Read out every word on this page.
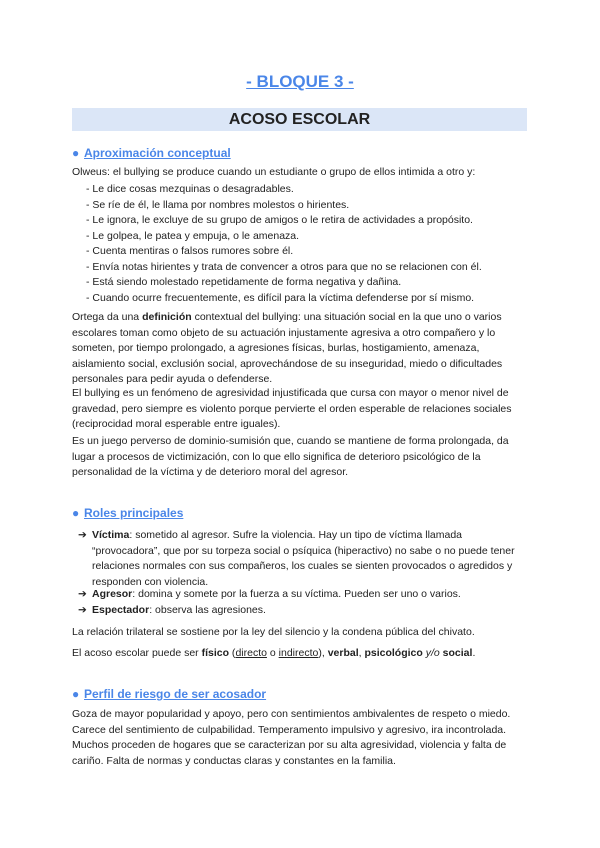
- BLOQUE 3 -
ACOSO ESCOLAR
● Aproximación conceptual
Olweus: el bullying se produce cuando un estudiante o grupo de ellos intimida a otro y:
- Le dice cosas mezquinas o desagradables.
- Se ríe de él, le llama por nombres molestos o hirientes.
- Le ignora, le excluye de su grupo de amigos o le retira de actividades a propósito.
- Le golpea, le patea y empuja, o le amenaza.
- Cuenta mentiras o falsos rumores sobre él.
- Envía notas hirientes y trata de convencer a otros para que no se relacionen con él.
- Está siendo molestado repetidamente de forma negativa y dañina.
- Cuando ocurre frecuentemente, es difícil para la víctima defenderse por sí mismo.
Ortega da una definición contextual del bullying: una situación social en la que uno o varios escolares toman como objeto de su actuación injustamente agresiva a otro compañero y lo someten, por tiempo prolongado, a agresiones físicas, burlas, hostigamiento, amenaza, aislamiento social, exclusión social, aprovechándose de su inseguridad, miedo o dificultades personales para pedir ayuda o defenderse.
El bullying es un fenómeno de agresividad injustificada que cursa con mayor o menor nivel de gravedad, pero siempre es violento porque pervierte el orden esperable de relaciones sociales (reciprocidad moral esperable entre iguales).
Es un juego perverso de dominio-sumisión que, cuando se mantiene de forma prolongada, da lugar a procesos de victimización, con lo que ello significa de deterioro psicológico de la personalidad de la víctima y de deterioro moral del agresor.
● Roles principales
➔ Víctima: sometido al agresor. Sufre la violencia. Hay un tipo de víctima llamada “provocadora”, que por su torpeza social o psíquica (hiperactivo) no sabe o no puede tener relaciones normales con sus compañeros, los cuales se sienten provocados o agredidos y responden con violencia.
➔ Agresor: domina y somete por la fuerza a su víctima. Pueden ser uno o varios.
➔ Espectador: observa las agresiones.
La relación trilateral se sostiene por la ley del silencio y la condena pública del chivato.
El acoso escolar puede ser físico (directo o indirecto), verbal, psicológico y/o social.
● Perfil de riesgo de ser acosador
Goza de mayor popularidad y apoyo, pero con sentimientos ambivalentes de respeto o miedo. Carece del sentimiento de culpabilidad. Temperamento impulsivo y agresivo, ira incontrolada. Muchos proceden de hogares que se caracterizan por su alta agresividad, violencia y falta de cariño. Falta de normas y conductas claras y constantes en la familia.
